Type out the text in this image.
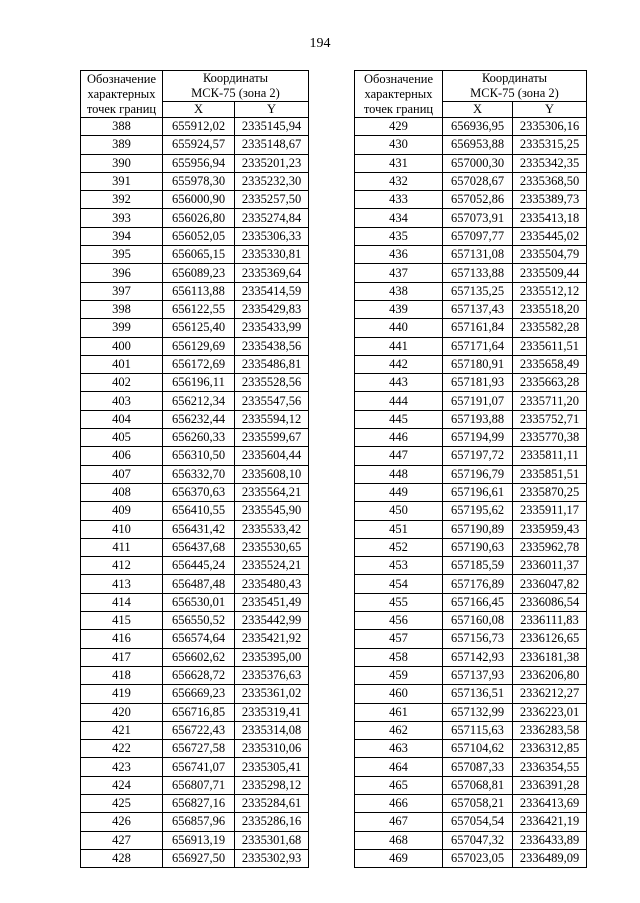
194
Обозначение
характерных
точек границ	Координаты
МСК-75 (зона 2)	

	X	Y
388	655912,02	2335145,94
389	655924,57	2335148,67
390	655956,94	2335201,23
391	655978,30	2335232,30
392	656000,90	2335257,50
393	656026,80	2335274,84
394	656052,05	2335306,33
395	656065,15	2335330,81
396	656089,23	2335369,64
397	656113,88	2335414,59
398	656122,55	2335429,83
399	656125,40	2335433,99
400	656129,69	2335438,56
401	656172,69	2335486,81
402	656196,11	2335528,56
403	656212,34	2335547,56
404	656232,44	2335594,12
405	656260,33	2335599,67
406	656310,50	2335604,44
407	656332,70	2335608,10
408	656370,63	2335564,21
409	656410,55	2335545,90
410	656431,42	2335533,42
411	656437,68	2335530,65
412	656445,24	2335524,21
413	656487,48	2335480,43
414	656530,01	2335451,49
415	656550,52	2335442,99
416	656574,64	2335421,92
417	656602,62	2335395,00
418	656628,72	2335376,63
419	656669,23	2335361,02
420	656716,85	2335319,41
421	656722,43	2335314,08
422	656727,58	2335310,06
423	656741,07	2335305,41
424	656807,71	2335298,12
425	656827,16	2335284,61
426	656857,96	2335286,16
427	656913,19	2335301,68
428	656927,50	2335302,93
Обозначение
характерных
точек границ	Координаты
МСК-75 (зона 2)	

	X	Y
429	656936,95	2335306,16
430	656953,88	2335315,25
431	657000,30	2335342,35
432	657028,67	2335368,50
433	657052,86	2335389,73
434	657073,91	2335413,18
435	657097,77	2335445,02
436	657131,08	2335504,79
437	657133,88	2335509,44
438	657135,25	2335512,12
439	657137,43	2335518,20
440	657161,84	2335582,28
441	657171,64	2335611,51
442	657180,91	2335658,49
443	657181,93	2335663,28
444	657191,07	2335711,20
445	657193,88	2335752,71
446	657194,99	2335770,38
447	657197,72	2335811,11
448	657196,79	2335851,51
449	657196,61	2335870,25
450	657195,62	2335911,17
451	657190,89	2335959,43
452	657190,63	2335962,78
453	657185,59	2336011,37
454	657176,89	2336047,82
455	657166,45	2336086,54
456	657160,08	2336111,83
457	657156,73	2336126,65
458	657142,93	2336181,38
459	657137,93	2336206,80
460	657136,51	2336212,27
461	657132,99	2336223,01
462	657115,63	2336283,58
463	657104,62	2336312,85
464	657087,33	2336354,55
465	657068,81	2336391,28
466	657058,21	2336413,69
467	657054,54	2336421,19
468	657047,32	2336433,89
469	657023,05	2336489,09
